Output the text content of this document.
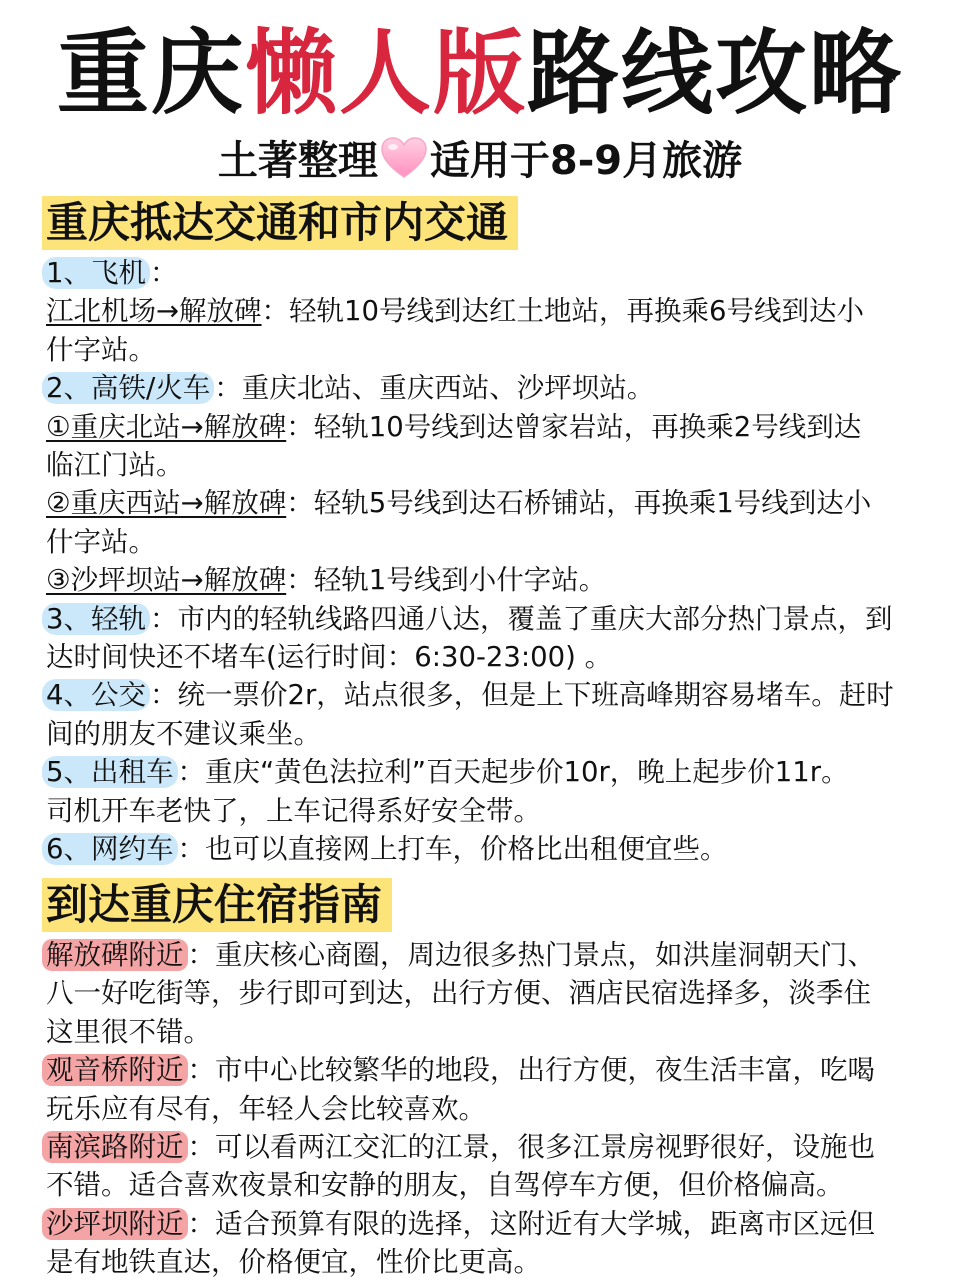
重庆懒人版路线攻略
土著整理 适用于8-9月旅游
重庆抵达交通和市内交通
1、飞机 ：
江北机场→解放碑：轻轨10号线到达红土地站，再换乘6号线到达小
什字站。
2、高铁/火车 ：重庆北站、重庆西站、沙坪坝站。
①重庆北站→解放碑：轻轨10号线到达曾家岩站，再换乘2号线到达
临江门站。
②重庆西站→解放碑：轻轨5号线到达石桥铺站，再换乘1号线到达小
什字站。
③沙坪坝站→解放碑：轻轨1号线到小什字站。
3、轻轨 ：市内的轻轨线路四通八达，覆盖了重庆大部分热门景点，到
达时间快还不堵车(运行时间：6:30-23:00) 。
4、公交 ：统一票价2r，站点很多，但是上下班高峰期容易堵车。赶时
间的朋友不建议乘坐。
5、出租车 ：重庆“黄色法拉利”百天起步价10r，晚上起步价11r。
司机开车老快了，上车记得系好安全带。
6、网约车 ：也可以直接网上打车，价格比出租便宜些。
到达重庆住宿指南
解放碑附近 ：重庆核心商圈，周边很多热门景点，如洪崖洞朝天门、
八一好吃街等，步行即可到达，出行方便、酒店民宿选择多，淡季住
这里很不错。
观音桥附近 ：市中心比较繁华的地段，出行方便，夜生活丰富，吃喝
玩乐应有尽有，年轻人会比较喜欢。
南滨路附近 ：可以看两江交汇的江景，很多江景房视野很好，设施也
不错。适合喜欢夜景和安静的朋友，自驾停车方便，但价格偏高。
沙坪坝附近 ：适合预算有限的选择，这附近有大学城，距离市区远但
是有地铁直达，价格便宜，性价比更高。
